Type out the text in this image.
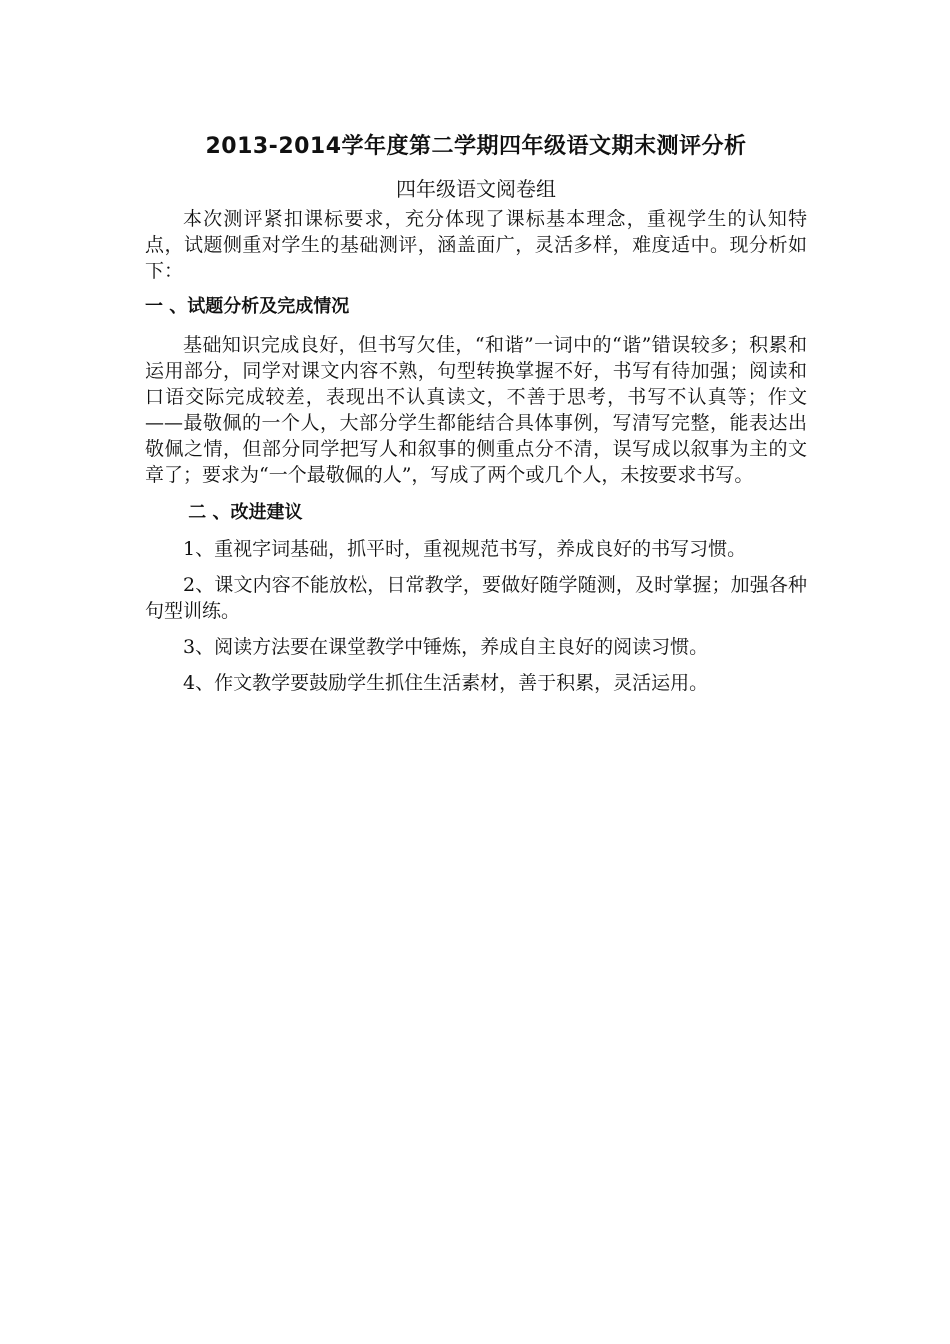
2013-2014学年度第二学期四年级语文期末测评分析
四年级语文阅卷组

本次测评紧扣课标要求，充分体现了课标基本理念，重视学生的认知特点，试题侧重对学生的基础测评，涵盖面广，灵活多样，难度适中。现分析如下：

一 、试题分析及完成情况

基础知识完成良好，但书写欠佳，“和谐”一词中的“谐”错误较多；积累和运用部分，同学对课文内容不熟，句型转换掌握不好，书写有待加强；阅读和口语交际完成较差，表现出不认真读文，不善于思考，书写不认真等；作文——最敬佩的一个人，大部分学生都能结合具体事例，写清写完整，能表达出敬佩之情，但部分同学把写人和叙事的侧重点分不清，误写成以叙事为主的文章了；要求为“一个最敬佩的人”，写成了两个或几个人，未按要求书写。

二 、改进建议

1、重视字词基础，抓平时，重视规范书写，养成良好的书写习惯。

2、课文内容不能放松，日常教学，要做好随学随测，及时掌握；加强各种句型训练。

3、阅读方法要在课堂教学中锤炼，养成自主良好的阅读习惯。

4、作文教学要鼓励学生抓住生活素材，善于积累，灵活运用。
